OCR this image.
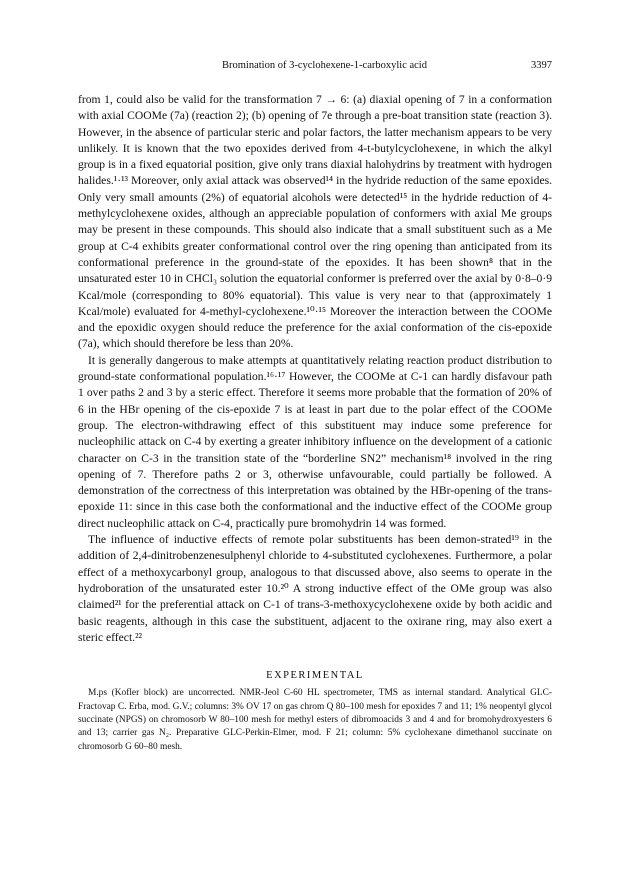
Bromination of 3-cyclohexene-1-carboxylic acid	3397

from 1, could also be valid for the transformation 7 → 6: (a) diaxial opening of 7 in a conformation with axial COOMe (7a) (reaction 2); (b) opening of 7e through a pre-boat transition state (reaction 3). However, in the absence of particular steric and polar factors, the latter mechanism appears to be very unlikely. It is known that the two epoxides derived from 4-t-butylcyclohexene, in which the alkyl group is in a fixed equatorial position, give only trans diaxial halohydrins by treatment with hydrogen halides.¹·¹³ Moreover, only axial attack was observed¹⁴ in the hydride reduction of the same epoxides. Only very small amounts (2%) of equatorial alcohols were detected¹⁵ in the hydride reduction of 4-methylcyclohexene oxides, although an appreciable population of conformers with axial Me groups may be present in these compounds. This should also indicate that a small substituent such as a Me group at C-4 exhibits greater conformational control over the ring opening than anticipated from its conformational preference in the ground-state of the epoxides. It has been shown⁸ that in the unsaturated ester 10 in CHCl₃ solution the equatorial conformer is preferred over the axial by 0·8–0·9 Kcal/mole (corresponding to 80% equatorial). This value is very near to that (approximately 1 Kcal/mole) evaluated for 4-methyl-cyclohexene.¹⁰·¹⁵ Moreover the interaction between the COOMe and the epoxidic oxygen should reduce the preference for the axial conformation of the cis-epoxide (7a), which should therefore be less than 20%.

It is generally dangerous to make attempts at quantitatively relating reaction product distribution to ground-state conformational population.¹⁶·¹⁷ However, the COOMe at C-1 can hardly disfavour path 1 over paths 2 and 3 by a steric effect. Therefore it seems more probable that the formation of 20% of 6 in the HBr opening of the cis-epoxide 7 is at least in part due to the polar effect of the COOMe group. The electron-withdrawing effect of this substituent may induce some preference for nucleophilic attack on C-4 by exerting a greater inhibitory influence on the development of a cationic character on C-3 in the transition state of the “borderline SN2” mechanism¹⁸ involved in the ring opening of 7. Therefore paths 2 or 3, otherwise unfavourable, could partially be followed. A demonstration of the correctness of this interpretation was obtained by the HBr-opening of the trans-epoxide 11: since in this case both the conformational and the inductive effect of the COOMe group direct nucleophilic attack on C-4, practically pure bromohydrin 14 was formed.

The influence of inductive effects of remote polar substituents has been demon-strated¹⁹ in the addition of 2,4-dinitrobenzenesulphenyl chloride to 4-substituted cyclohexenes. Furthermore, a polar effect of a methoxycarbonyl group, analogous to that discussed above, also seems to operate in the hydroboration of the unsaturated ester 10.²⁰ A strong inductive effect of the OMe group was also claimed²¹ for the preferential attack on C-1 of trans-3-methoxycyclohexene oxide by both acidic and basic reagents, although in this case the substituent, adjacent to the oxirane ring, may also exert a steric effect.²²

EXPERIMENTAL
M.ps (Kofler block) are uncorrected. NMR-Jeol C-60 HL spectrometer, TMS as internal standard. Analytical GLC-Fractovap C. Erba, mod. G.V.; columns: 3% OV 17 on gas chrom Q 80–100 mesh for epoxides 7 and 11; 1% neopentyl glycol succinate (NPGS) on chromosorb W 80–100 mesh for methyl esters of dibromoacids 3 and 4 and for bromohydroxyesters 6 and 13; carrier gas N₂. Preparative GLC-Perkin-Elmer, mod. F 21; column: 5% cyclohexane dimethanol succinate on chromosorb G 60–80 mesh.
